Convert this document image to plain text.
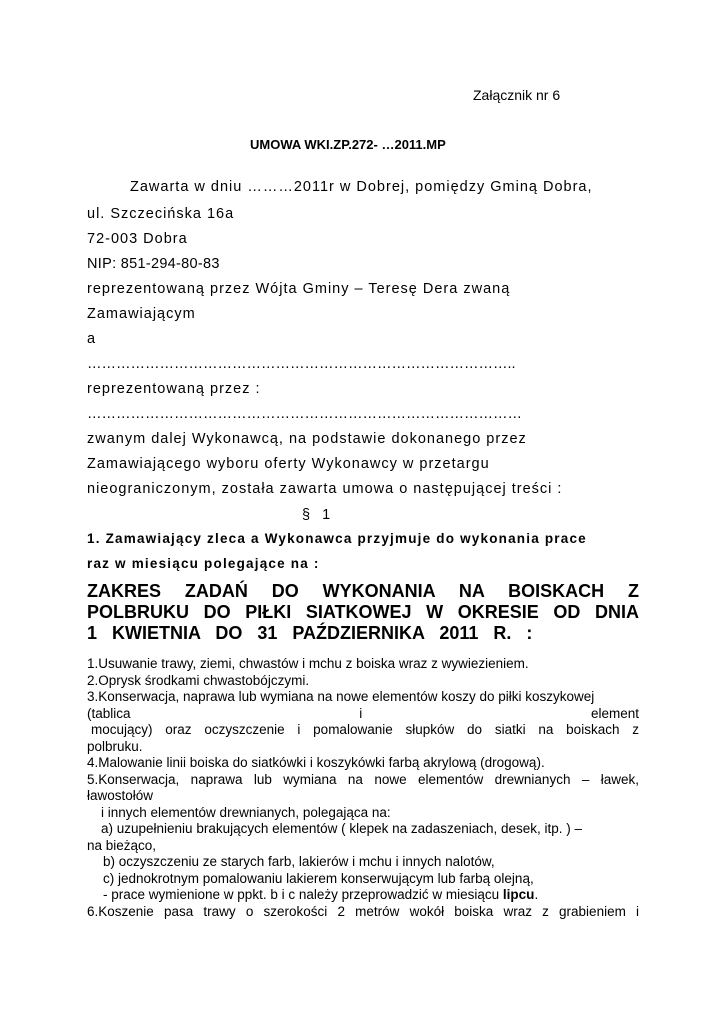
Załącznik nr 6
UMOWA WKI.ZP.272- …2011.MP
Zawarta w dniu ………2011r w Dobrej, pomiędzy Gminą Dobra,
ul. Szczecińska 16a
72-003 Dobra
NIP: 851-294-80-83
reprezentowaną przez Wójta Gminy – Teresę Dera zwaną
Zamawiającym
a
……………………………………………………………………………..
reprezentowaną przez :
………………………………………………………………………………
zwanym dalej Wykonawcą, na podstawie dokonanego przez
Zamawiającego wyboru oferty Wykonawcy w przetargu
nieograniczonym, została zawarta umowa o następującej treści :
§ 1
1. Zamawiający zleca a Wykonawca przyjmuje do wykonania prace
raz w miesiącu polegające na :
ZAKRES ZADAŃ DO WYKONANIA NA BOISKACH Z
POLBRUKU DO PIŁKI SIATKOWEJ W OKRESIE OD DNIA
1 KWIETNIA DO 31 PAŹDZIERNIKA 2011 R. :
1.Usuwanie trawy, ziemi, chwastów i mchu z boiska wraz z wywiezieniem.
2.Oprysk środkami chwastobójczymi.
3.Konserwacja, naprawa lub wymiana na nowe elementów koszy do piłki koszykowej
(tablica i element
mocujący) oraz oczyszczenie i pomalowanie słupków do siatki na boiskach z
polbruku.
4.Malowanie linii boiska do siatkówki i koszykówki farbą akrylową (drogową).
5.Konserwacja, naprawa lub wymiana na nowe elementów drewnianych – ławek,
ławostołów
i innych elementów drewnianych, polegająca na:
a) uzupełnieniu brakujących elementów ( klepek na zadaszeniach, desek, itp. ) –
na bieżąco,
b) oczyszczeniu ze starych farb, lakierów i mchu i innych nalotów,
c) jednokrotnym pomalowaniu lakierem konserwującym lub farbą olejną,
- prace wymienione w ppkt. b i c należy przeprowadzić w miesiącu lipcu.
6.Koszenie pasa trawy o szerokości 2 metrów wokół boiska wraz z grabieniem i
